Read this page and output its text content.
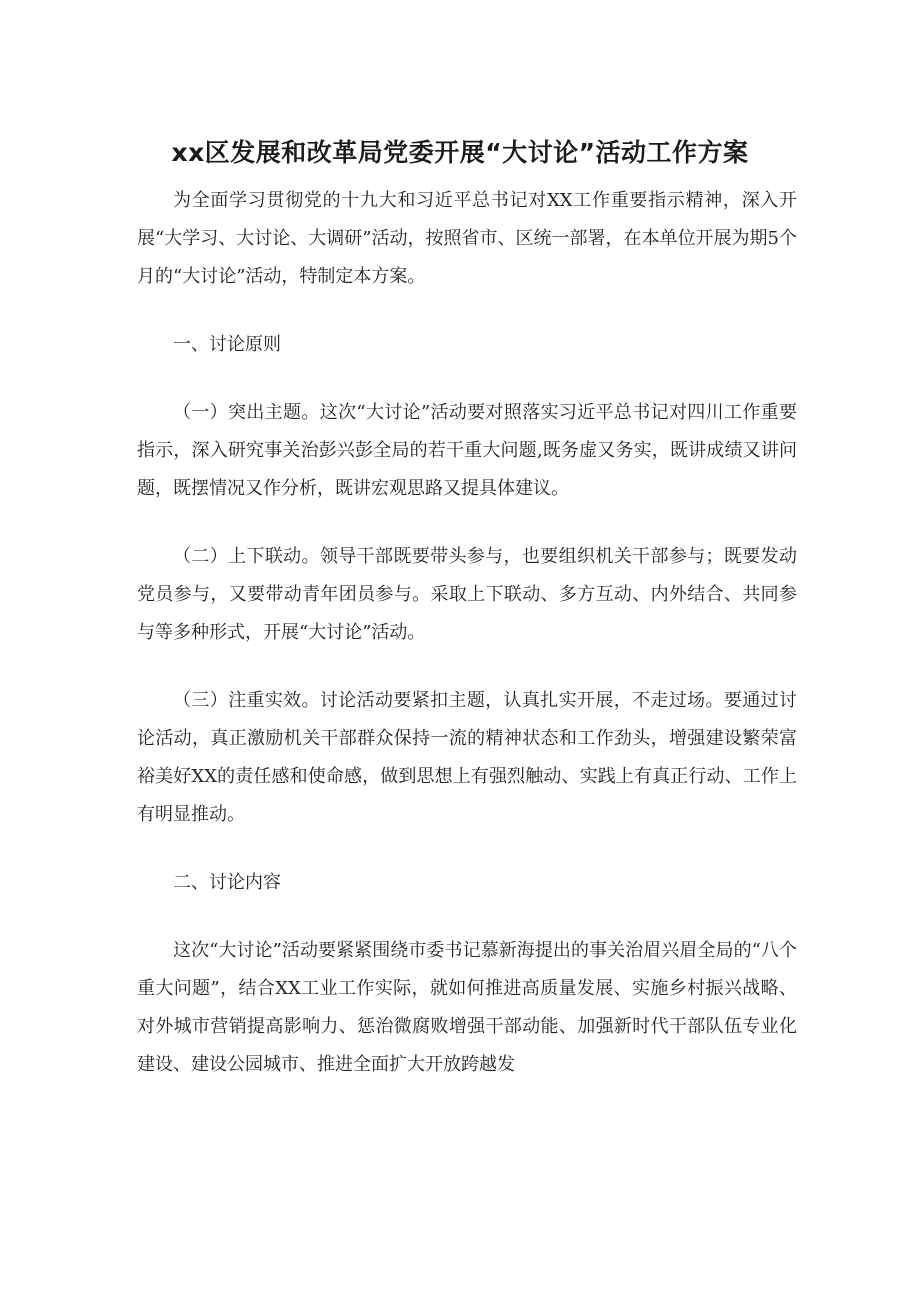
xx区发展和改革局党委开展“大讨论”活动工作方案

为全面学习贯彻党的十九大和习近平总书记对XX工作重要指示精神，深入开展“大学习、大讨论、大调研”活动，按照省市、区统一部署，在本单位开展为期5个月的“大讨论”活动，特制定本方案。

一、讨论原则

（一）突出主题。这次“大讨论”活动要对照落实习近平总书记对四川工作重要指示，深入研究事关治彭兴彭全局的若干重大问题,既务虚又务实，既讲成绩又讲问题，既摆情况又作分析，既讲宏观思路又提具体建议。

（二）上下联动。领导干部既要带头参与，也要组织机关干部参与；既要发动党员参与，又要带动青年团员参与。采取上下联动、多方互动、内外结合、共同参与等多种形式，开展“大讨论”活动。

（三）注重实效。讨论活动要紧扣主题，认真扎实开展，不走过场。要通过讨论活动，真正激励机关干部群众保持一流的精神状态和工作劲头，增强建设繁荣富裕美好XX的责任感和使命感，做到思想上有强烈触动、实践上有真正行动、工作上有明显推动。

二、讨论内容

这次“大讨论”活动要紧紧围绕市委书记慕新海提出的事关治眉兴眉全局的“八个重大问题”，结合XX工业工作实际，就如何推进高质量发展、实施乡村振兴战略、对外城市营销提高影响力、惩治微腐败增强干部动能、加强新时代干部队伍专业化建设、建设公园城市、推进全面扩大开放跨越发
